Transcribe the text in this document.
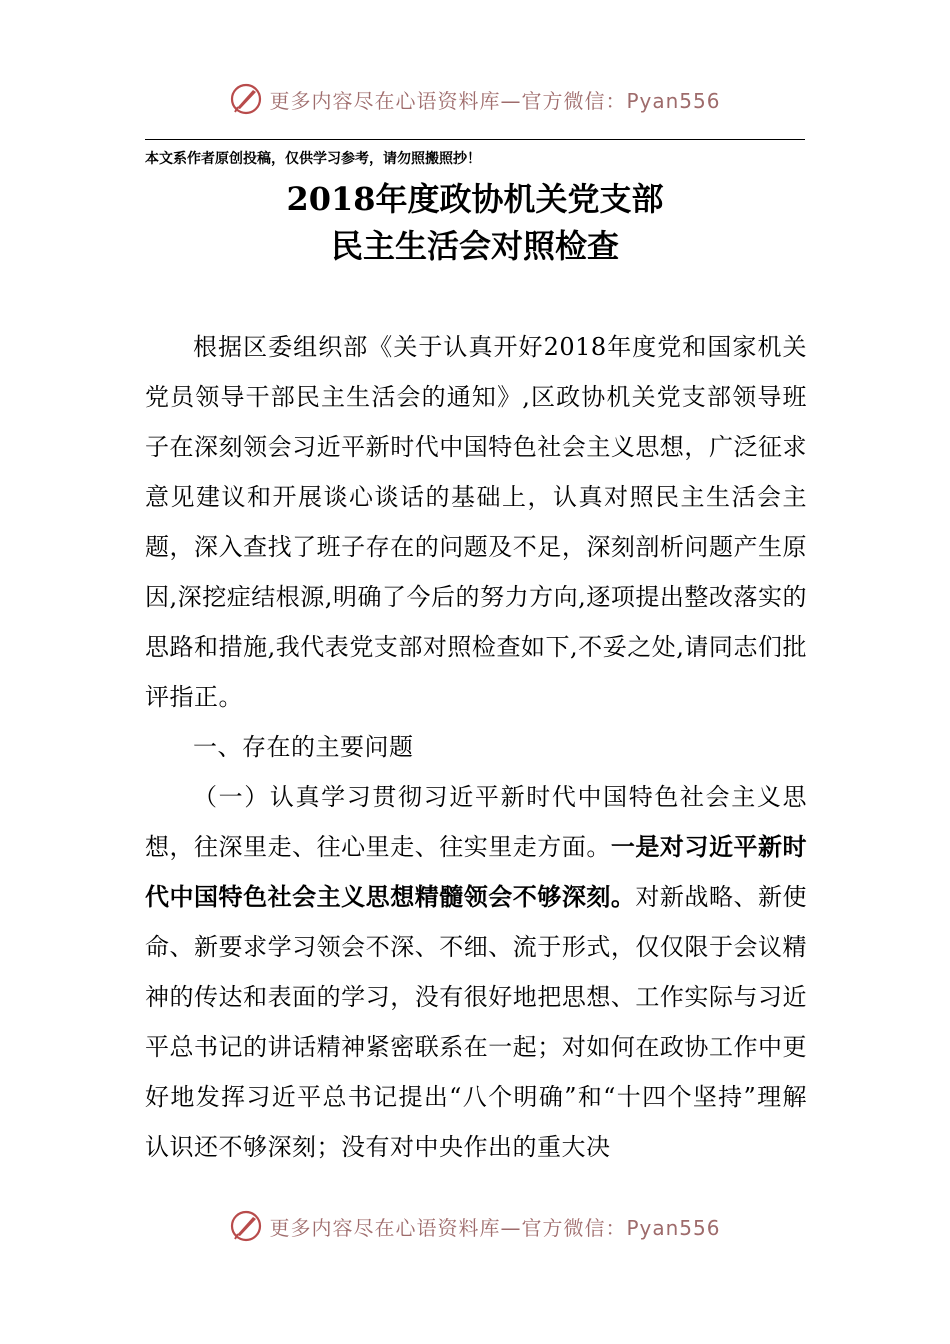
更多内容尽在心语资料库—官方微信：Pyan556
本文系作者原创投稿，仅供学习参考，请勿照搬照抄！
2018年度政协机关党支部
民主生活会对照检查

根据区委组织部《关于认真开好2018年度党和国家机关党员领导干部民主生活会的通知》,区政协机关党支部领导班子在深刻领会习近平新时代中国特色社会主义思想，广泛征求意见建议和开展谈心谈话的基础上，认真对照民主生活会主题，深入查找了班子存在的问题及不足，深刻剖析问题产生原因,深挖症结根源,明确了今后的努力方向,逐项提出整改落实的思路和措施,我代表党支部对照检查如下,不妥之处,请同志们批评指正。

一、存在的主要问题

（一）认真学习贯彻习近平新时代中国特色社会主义思想，往深里走、往心里走、往实里走方面。一是对习近平新时代中国特色社会主义思想精髓领会不够深刻。对新战略、新使命、新要求学习领会不深、不细、流于形式，仅仅限于会议精神的传达和表面的学习，没有很好地把思想、工作实际与习近平总书记的讲话精神紧密联系在一起；对如何在政协工作中更好地发挥习近平总书记提出“八个明确”和“十四个坚持”理解认识还不够深刻；没有对中央作出的重大决

更多内容尽在心语资料库—官方微信：Pyan556
